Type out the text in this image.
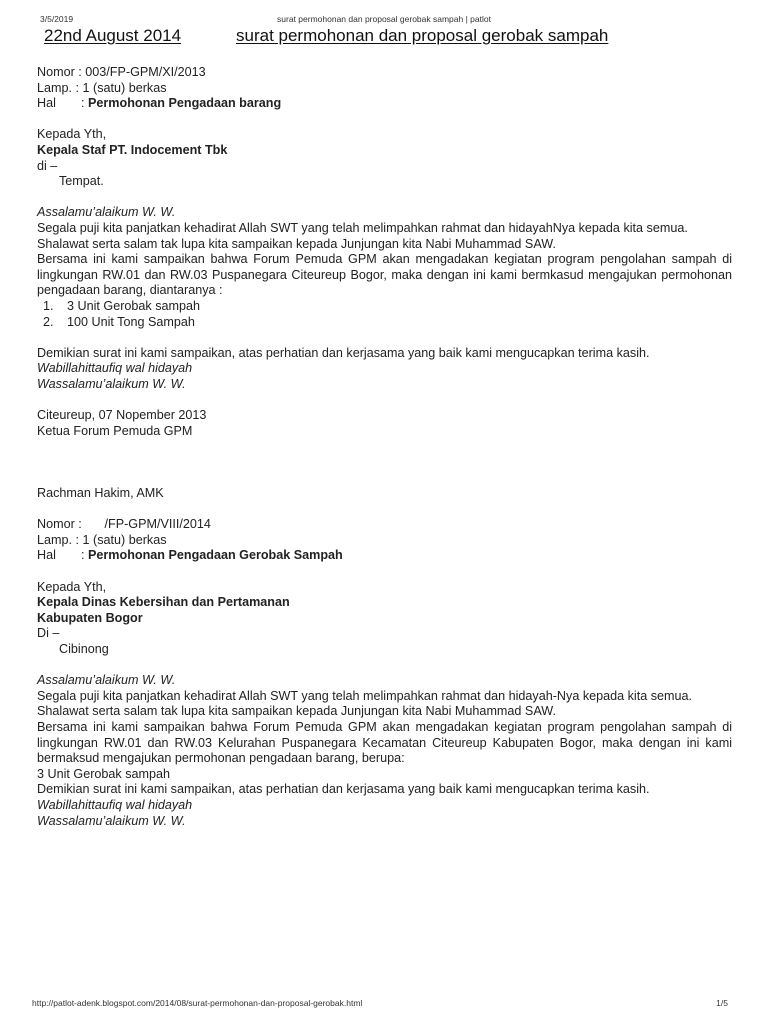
3/5/2019	surat permohonan dan proposal gerobak sampah | patlot
22nd August 2014	surat permohonan dan proposal gerobak sampah

Nomor : 003/FP-GPM/XI/2013

Lamp. : 1 (satu) berkas

Hal : Permohonan Pengadaan barang

Kepada Yth,

Kepala Staf PT. Indocement Tbk

di –

Tempat.

Assalamu’alaikum W. W.

Segala puji kita panjatkan kehadirat Allah SWT yang telah melimpahkan rahmat dan hidayahNya kepada kita semua. Shalawat serta salam tak lupa kita sampaikan kepada Junjungan kita Nabi Muhammad SAW.

Bersama ini kami sampaikan bahwa Forum Pemuda GPM akan mengadakan kegiatan program pengolahan sampah di lingkungan RW.01 dan RW.03 Puspanegara Citeureup Bogor, maka dengan ini kami bermkasud mengajukan permohonan pengadaan barang, diantaranya :

1. 3 Unit Gerobak sampah
2. 100 Unit Tong Sampah

Demikian surat ini kami sampaikan, atas perhatian dan kerjasama yang baik kami mengucapkan terima kasih.

Wabillahittaufiq wal hidayah

Wassalamu’alaikum W. W.

Citeureup, 07 Nopember 2013

Ketua Forum Pemuda GPM

Rachman Hakim, AMK

Nomor : /FP-GPM/VIII/2014

Lamp. : 1 (satu) berkas

Hal : Permohonan Pengadaan Gerobak Sampah

Kepada Yth,

Kepala Dinas Kebersihan dan Pertamanan

Kabupaten Bogor

Di –

Cibinong

Assalamu’alaikum W. W.

Segala puji kita panjatkan kehadirat Allah SWT yang telah melimpahkan rahmat dan hidayah-Nya kepada kita semua. Shalawat serta salam tak lupa kita sampaikan kepada Junjungan kita Nabi Muhammad SAW.

Bersama ini kami sampaikan bahwa Forum Pemuda GPM akan mengadakan kegiatan program pengolahan sampah di lingkungan RW.01 dan RW.03 Kelurahan Puspanegara Kecamatan Citeureup Kabupaten Bogor, maka dengan ini kami bermaksud mengajukan permohonan pengadaan barang, berupa:

3 Unit Gerobak sampah

Demikian surat ini kami sampaikan, atas perhatian dan kerjasama yang baik kami mengucapkan terima kasih.

Wabillahittaufiq wal hidayah

Wassalamu’alaikum W. W.

http://patlot-adenk.blogspot.com/2014/08/surat-permohonan-dan-proposal-gerobak.html	1/5
